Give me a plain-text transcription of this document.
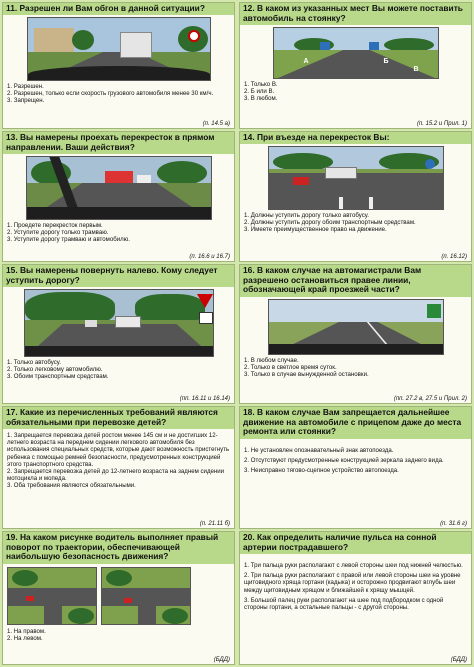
11. Разрешен ли Вам обгон в данной ситуации?
1. Разрешен.
2. Разрешен, только если скорость грузового автомобиля менее 30 км/ч.
3. Запрещен.
(п. 14.5 а)
12. В каком из указанных мест Вы можете поставить автомобиль на стоянку?
А	Б
В
1. Только В.
2. Б или В.
3. В любом.
(п. 15.2 и Прил. 1)
13. Вы намерены проехать перекресток в прямом направлении. Ваши действия?
1. Проедете перекресток первым.
2. Уступите дорогу только трамваю.
3. Уступите дорогу трамваю и автомобилю.
(п. 16.6 и 16.7)
14. При въезде на перекресток Вы:
1. Должны уступить дорогу только автобусу.
2. Должны уступить дорогу обоим транспортным средствам.
3. Имеете преимущественное право на движение.
(п. 16.12)
15. Вы намерены повернуть налево. Кому следует уступить дорогу?
1. Только автобусу.
2. Только легковому автомобилю.
3. Обоим транспортным средствам.
(пп. 16.11 и 16.14)
16. В каком случае на автомагистрали Вам разрешено остановиться правее линии, обозначающей край проезжей части?
1. В любом случае.
2. Только в светлое время суток.
3. Только в случае вынужденной остановки.
(пп. 27.2 в, 27.5 и Прил. 2)
17. Какие из перечисленных требований являются обязательными при перевозке детей?
1. Запрещается перевозка детей ростом менее 145 см и не достигших 12-летнего возраста на переднем сидении легкового автомобиля без использования специальных средств, которые дают возможность пристегнуть ребенка с помощью ремней безопасности, предусмотренных конструкцией этого транспортного средства.
2. Запрещается перевозка детей до 12-летнего возраста на заднем сидении мотоцикла и мопеда.
3. Оба требования являются обязательными.
(п. 21.11 б)
18. В каком случае Вам запрещается дальнейшее движение на автомобиле с прицепом даже до места ремонта или стоянки?
1. Не установлен опознавательный знак автопоезда.
2. Отсутствуют предусмотренные конструкцией зеркала заднего вида.
3. Неисправно тягово-сцепное устройство автопоезда.
(п. 31.6 г)
19. На каком рисунке водитель выполняет правый поворот по траектории, обеспечивающей наибольшую безопасность движения?
1. На правом.
2. На левом.
(БДД)
20. Как определить наличие пульса на сонной артерии пострадавшего?
1. Три пальца руки располагают с левой стороны шеи под нижней челюстью.
2. Три пальца руки располагают с правой или левой стороны шеи на уровне щитовидного хряща гортани (кадыка) и осторожно продвигают вглубь шеи между щитовидным хрящом и ближайшей к хрящу мышцей.
3. Большой палец руки располагают на шее под подбородком с одной стороны гортани, а остальные пальцы - с другой стороны.
(БДД)
